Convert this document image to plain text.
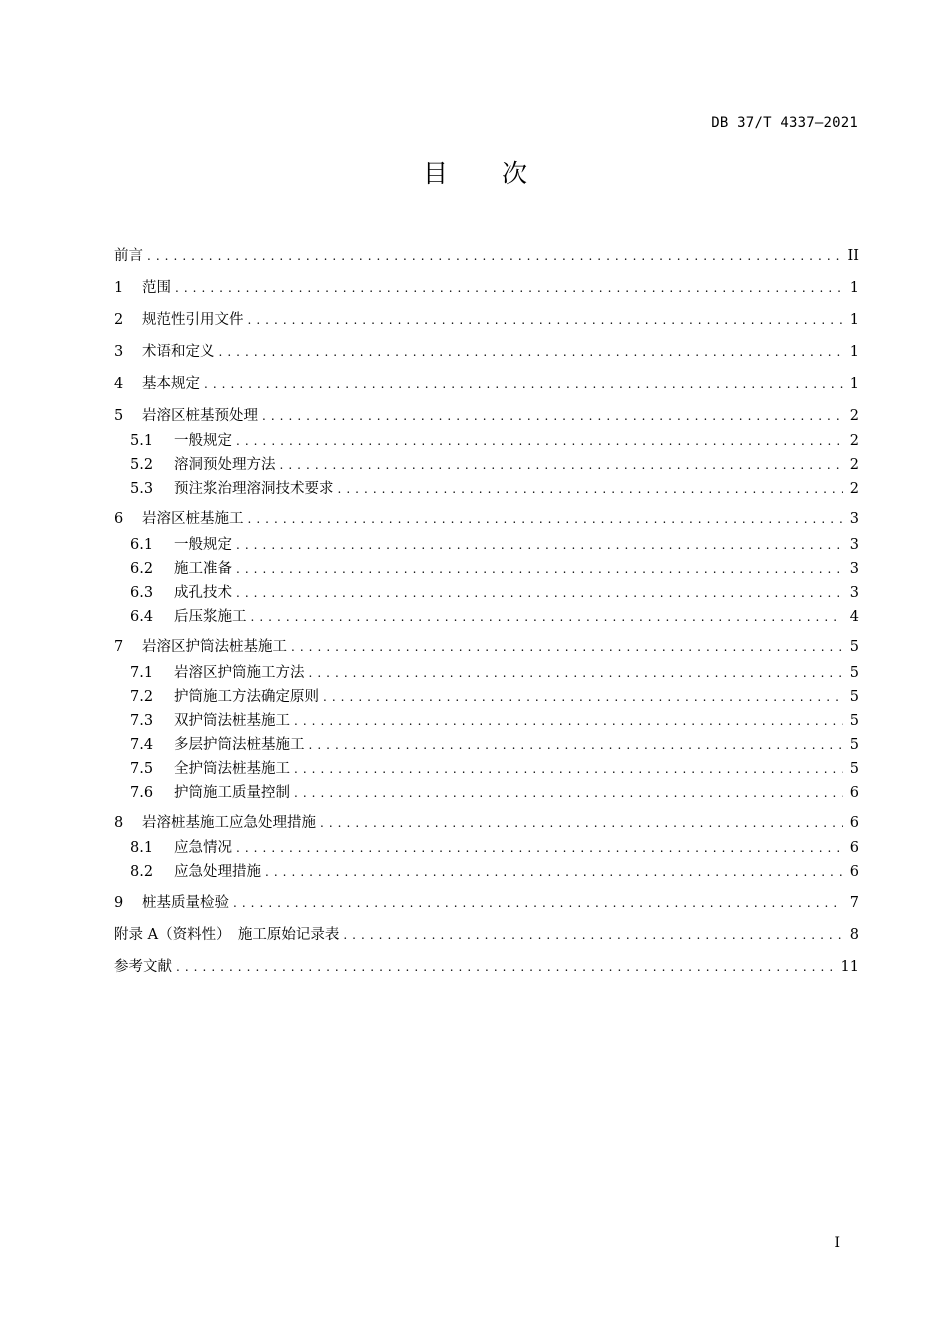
DB 37/T 4337—2021
目次
前言 . . .	II
1	范围 . . .	1
2	规范性引用文件 . . .	1
3	术语和定义 . . .	1
4	基本规定 . . .	1
5	岩溶区桩基预处理 . . .	2
5.1	一般规定 . . .	2
5.2	溶洞预处理方法 . . .	2
5.3	预注浆治理溶洞技术要求 . . .	2
6	岩溶区桩基施工 . . .	3
6.1	一般规定 . . .	3
6.2	施工准备 . . .	3
6.3	成孔技术 . . .	3
6.4	后压浆施工 . . .	4
7	岩溶区护筒法桩基施工 . . .	5
7.1	岩溶区护筒施工方法 . . .	5
7.2	护筒施工方法确定原则 . . .	5
7.3	双护筒法桩基施工 . . .	5
7.4	多层护筒法桩基施工 . . .	5
7.5	全护筒法桩基施工 . . .	5
7.6	护筒施工质量控制 . . .	6
8	岩溶桩基施工应急处理措施 . . .	6
8.1	应急情况 . . .	6
8.2	应急处理措施 . . .	6
9	桩基质量检验 . . .	7
附录 A（资料性）　施工原始记录表 . . .	8
参考文献 . . .	11
I
